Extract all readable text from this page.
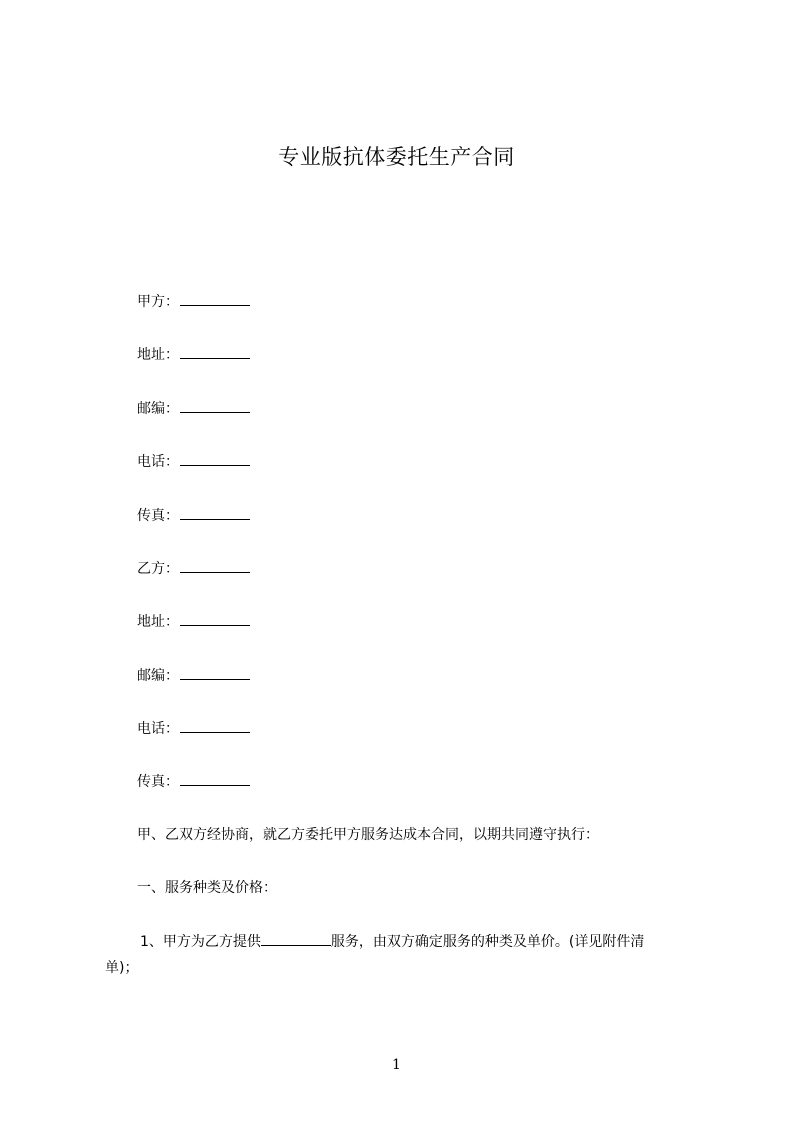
专业版抗体委托生产合同
甲方：
地址：
邮编：
电话：
传真：
乙方：
地址：
邮编：
电话：
传真：
甲、乙双方经协商，就乙方委托甲方服务达成本合同，以期共同遵守执行：
一、服务种类及价格：
1、甲方为乙方提供	服务，由双方确定服务的种类及单价。(详见附件清
单)；
1
